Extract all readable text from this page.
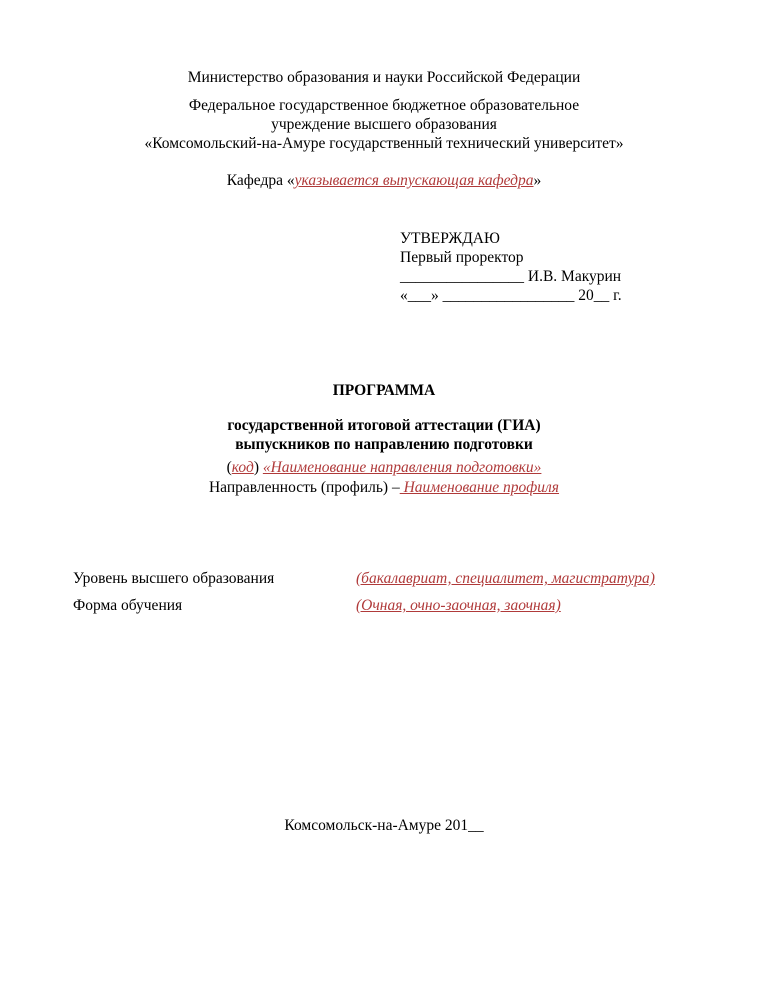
Министерство образования и науки Российской Федерации
Федеральное государственное бюджетное образовательное
учреждение высшего образования
«Комсомольский-на-Амуре государственный технический университет»
Кафедра «указывается выпускающая кафедра»
УТВЕРЖДАЮ
Первый проректор
________________ И.В. Макурин
«___» _________________ 20__ г.
ПРОГРАММА
государственной итоговой аттестации (ГИА)
выпускников по направлению подготовки
(код) «Наименование направления подготовки»
Направленность (профиль) – Наименование профиля
Уровень высшего образования	(бакалавриат, специалитет, магистратура)
Форма обучения	(Очная, очно-заочная, заочная)
Комсомольск-на-Амуре 201__
